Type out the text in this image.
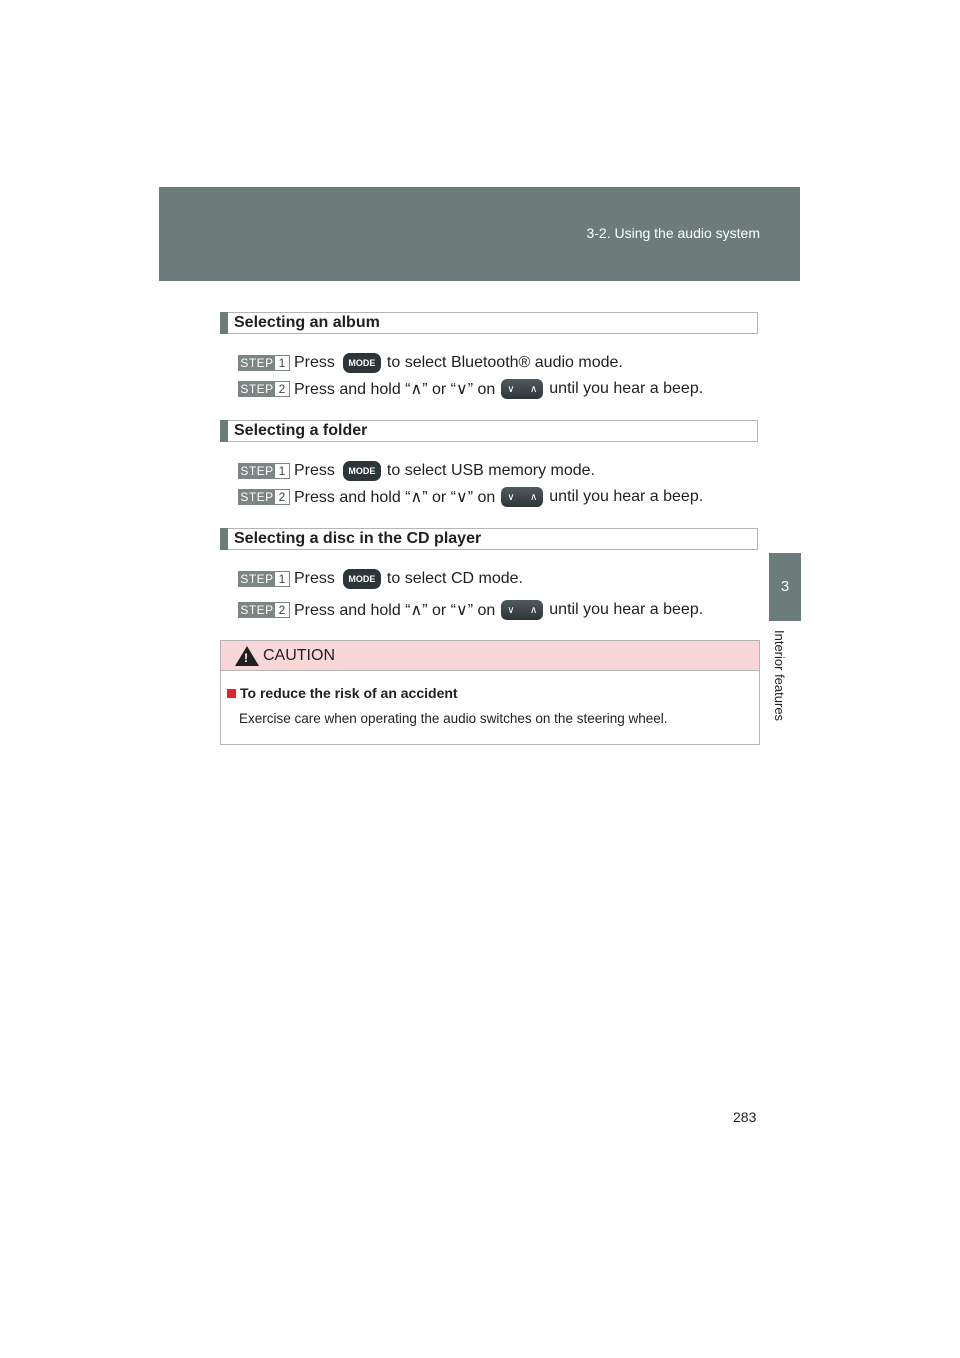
3-2. Using the audio system
3
Interior features
Selecting an album
STEP 1 Press	MODE to select Bluetooth® audio mode.
STEP 2 Press and hold “∧” or “∨” on ∨ ∧ until you hear a beep.
Selecting a folder
STEP 1 Press	MODE to select USB memory mode.
STEP 2 Press and hold “∧” or “∨” on ∨ ∧ until you hear a beep.
Selecting a disc in the CD player
STEP 1 Press	MODE to select CD mode.
STEP 2 Press and hold “∧” or “∨” on ∨ ∧ until you hear a beep.
!
CAUTION
To reduce the risk of an accident
Exercise care when operating the audio switches on the steering wheel.
283
